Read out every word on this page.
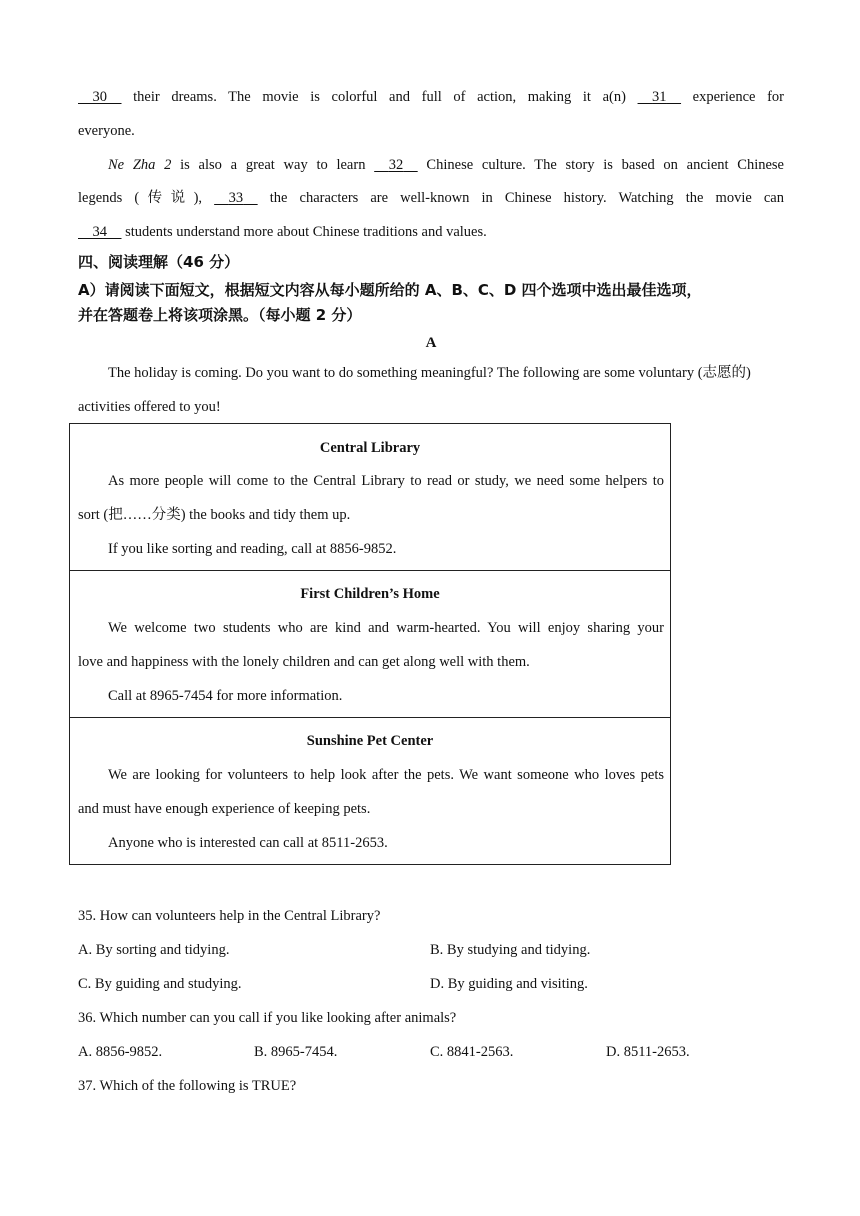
30     their dreams. The movie is colorful and full of action, making it a(n)     31     experience for
everyone.
Ne Zha 2 is also a great way to learn     32     Chinese culture. The story is based on ancient Chinese
legends (传说),     33     the characters are well-known in Chinese history. Watching the movie can
34     students understand more about Chinese traditions and values.
四、阅读理解（46 分）
A）请阅读下面短文，根据短文内容从每小题所给的 A、B、C、D 四个选项中选出最佳选项，
并在答题卷上将该项涂黑。（每小题 2 分）
A
The holiday is coming. Do you want to do something meaningful? The following are some voluntary (志愿的)
activities offered to you!
Central Library
As more people will come to the Central Library to read or study, we need some helpers to
sort (把……分类) the books and tidy them up.
If you like sorting and reading, call at 8856-9852.

First Children’s Home
We welcome two students who are kind and warm-hearted. You will enjoy sharing your
love and happiness with the lonely children and can get along well with them.
Call at 8965-7454 for more information.

Sunshine Pet Center
We are looking for volunteers to help look after the pets. We want someone who loves pets
and must have enough experience of keeping pets.
Anyone who is interested can call at 8511-2653.
35. How can volunteers help in the Central Library?
A. By sorting and tidying.	B. By studying and tidying.
C. By guiding and studying.	D. By guiding and visiting.
36. Which number can you call if you like looking after animals?
A. 8856-9852.	B. 8965-7454.	C. 8841-2563.	D. 8511-2653.
37. Which of the following is TRUE?
